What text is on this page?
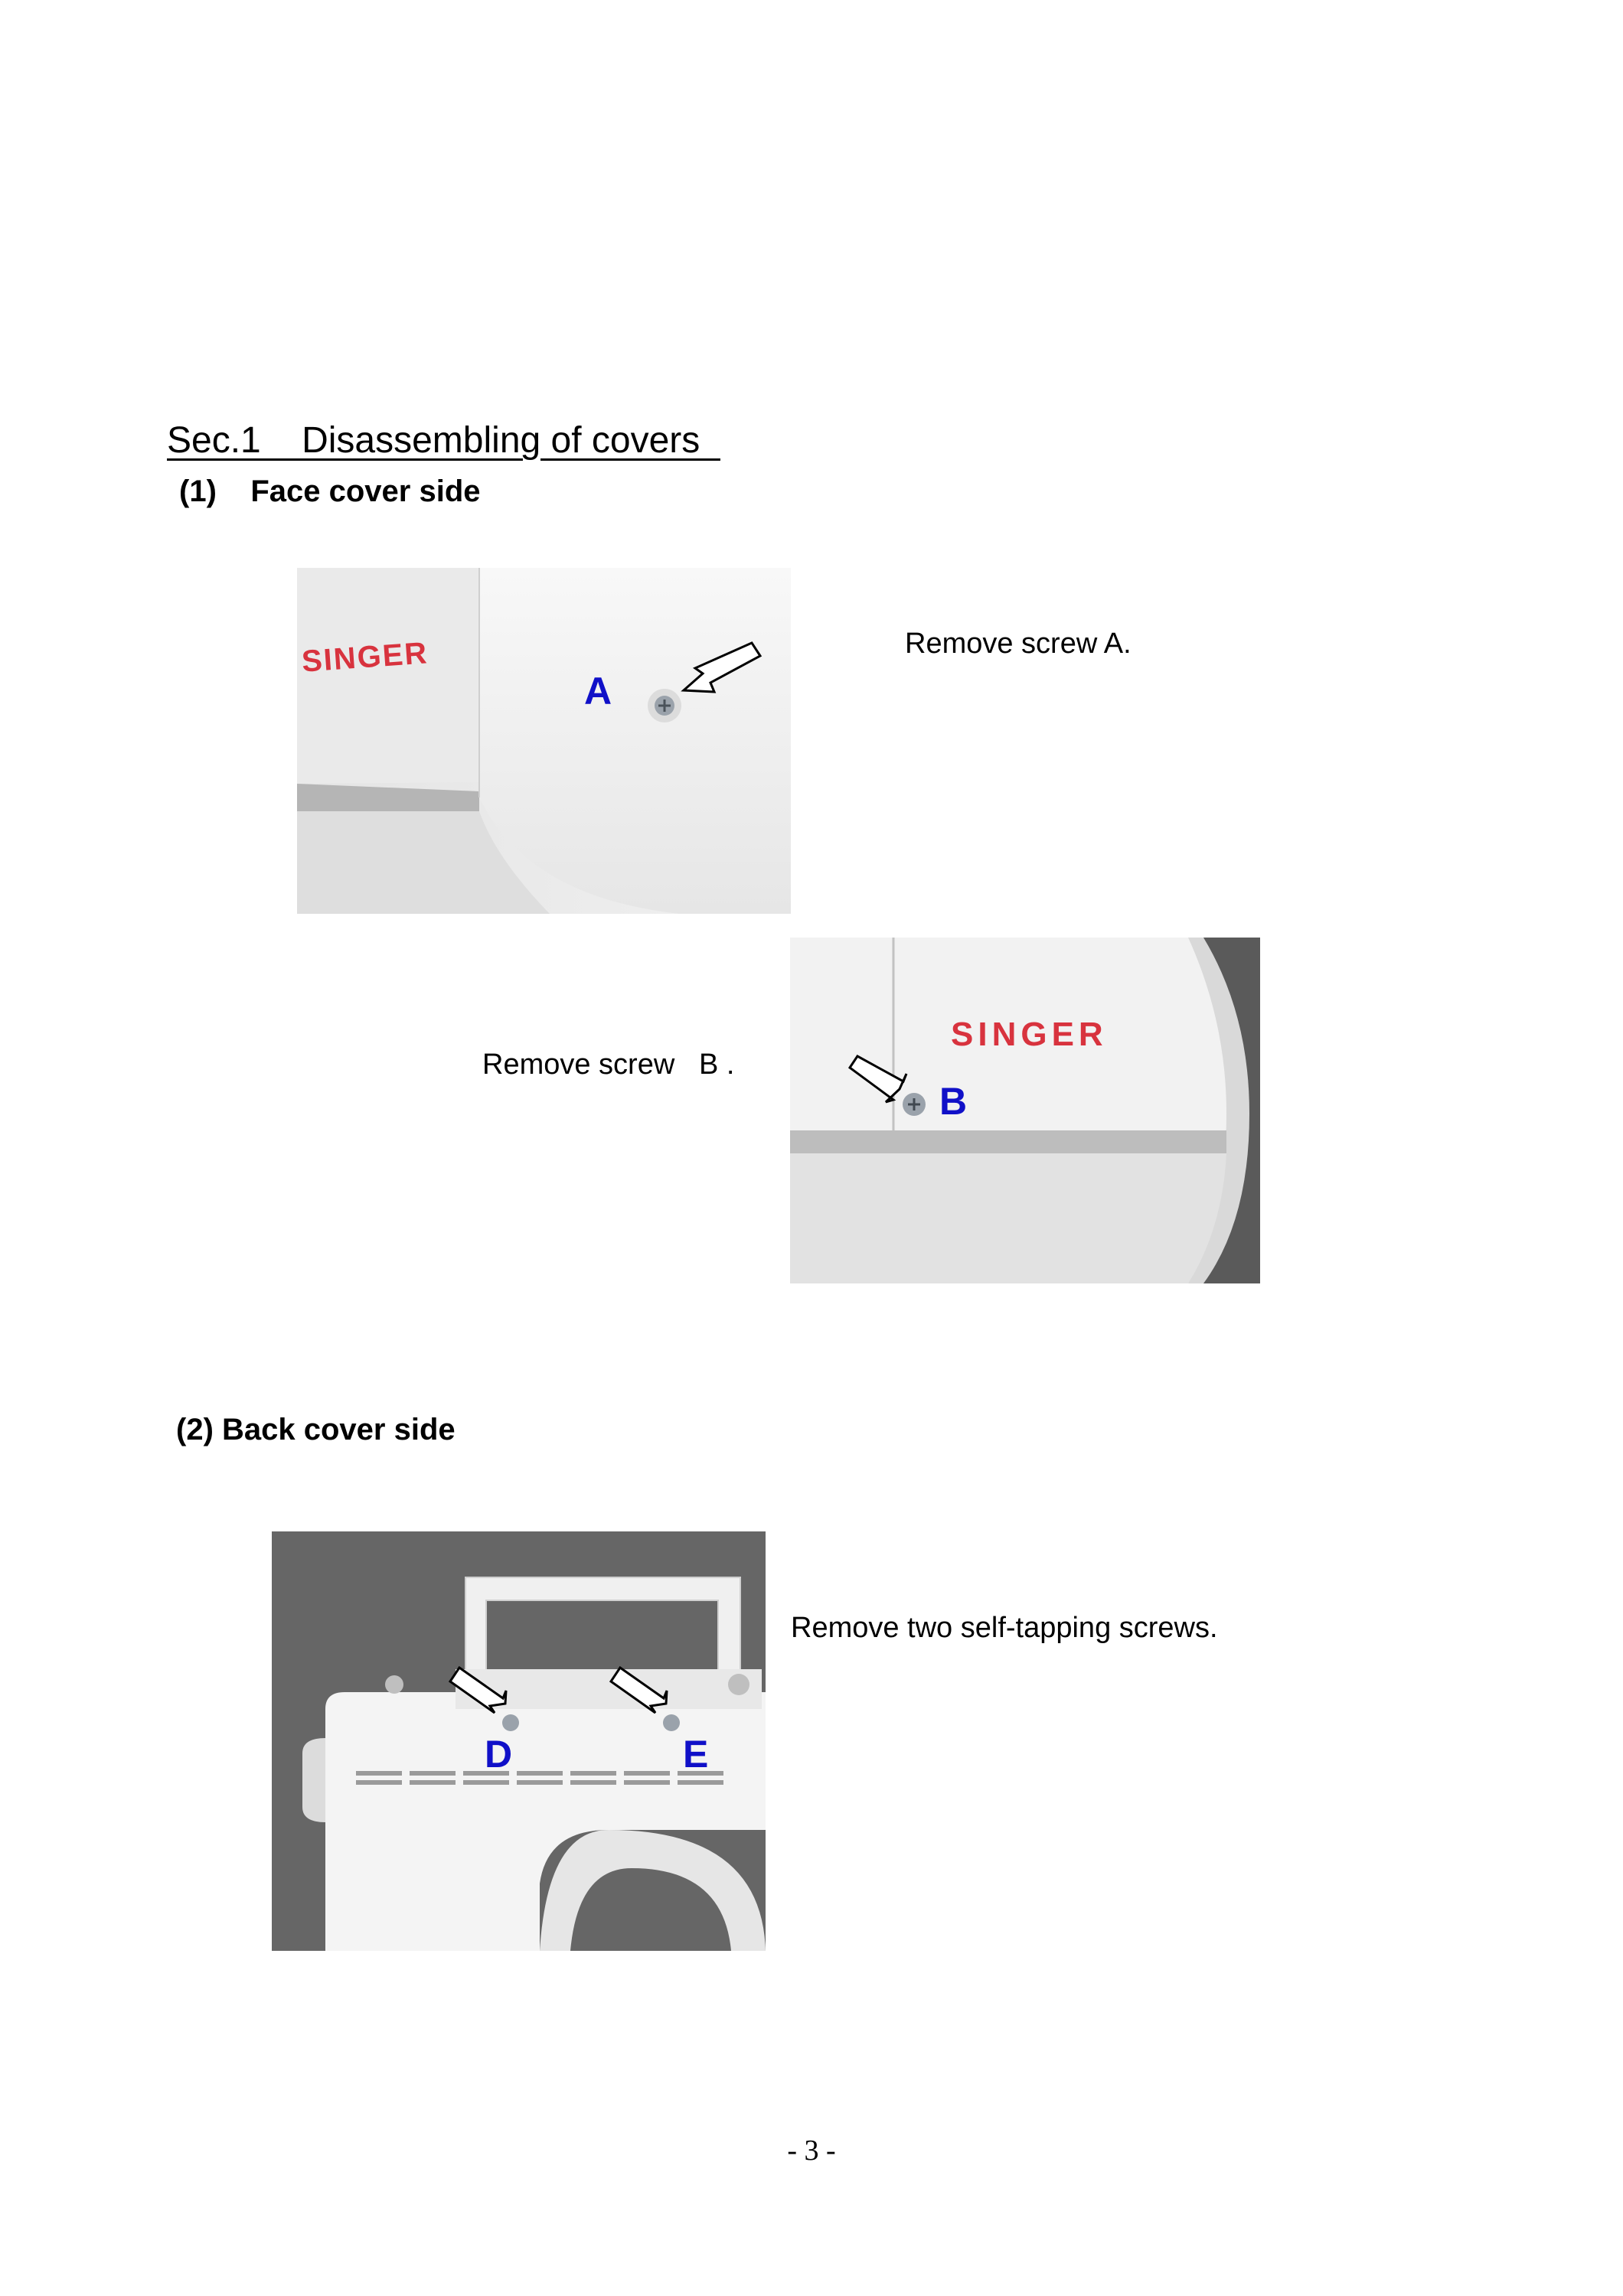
Sec.1    Disassembling of covers
(1)    Face cover side
SINGER
A
Remove screw A.
Remove screw   B .
SINGER
B
(2) Back cover side
D	E
Remove two self-tapping screws.
- 3 -
